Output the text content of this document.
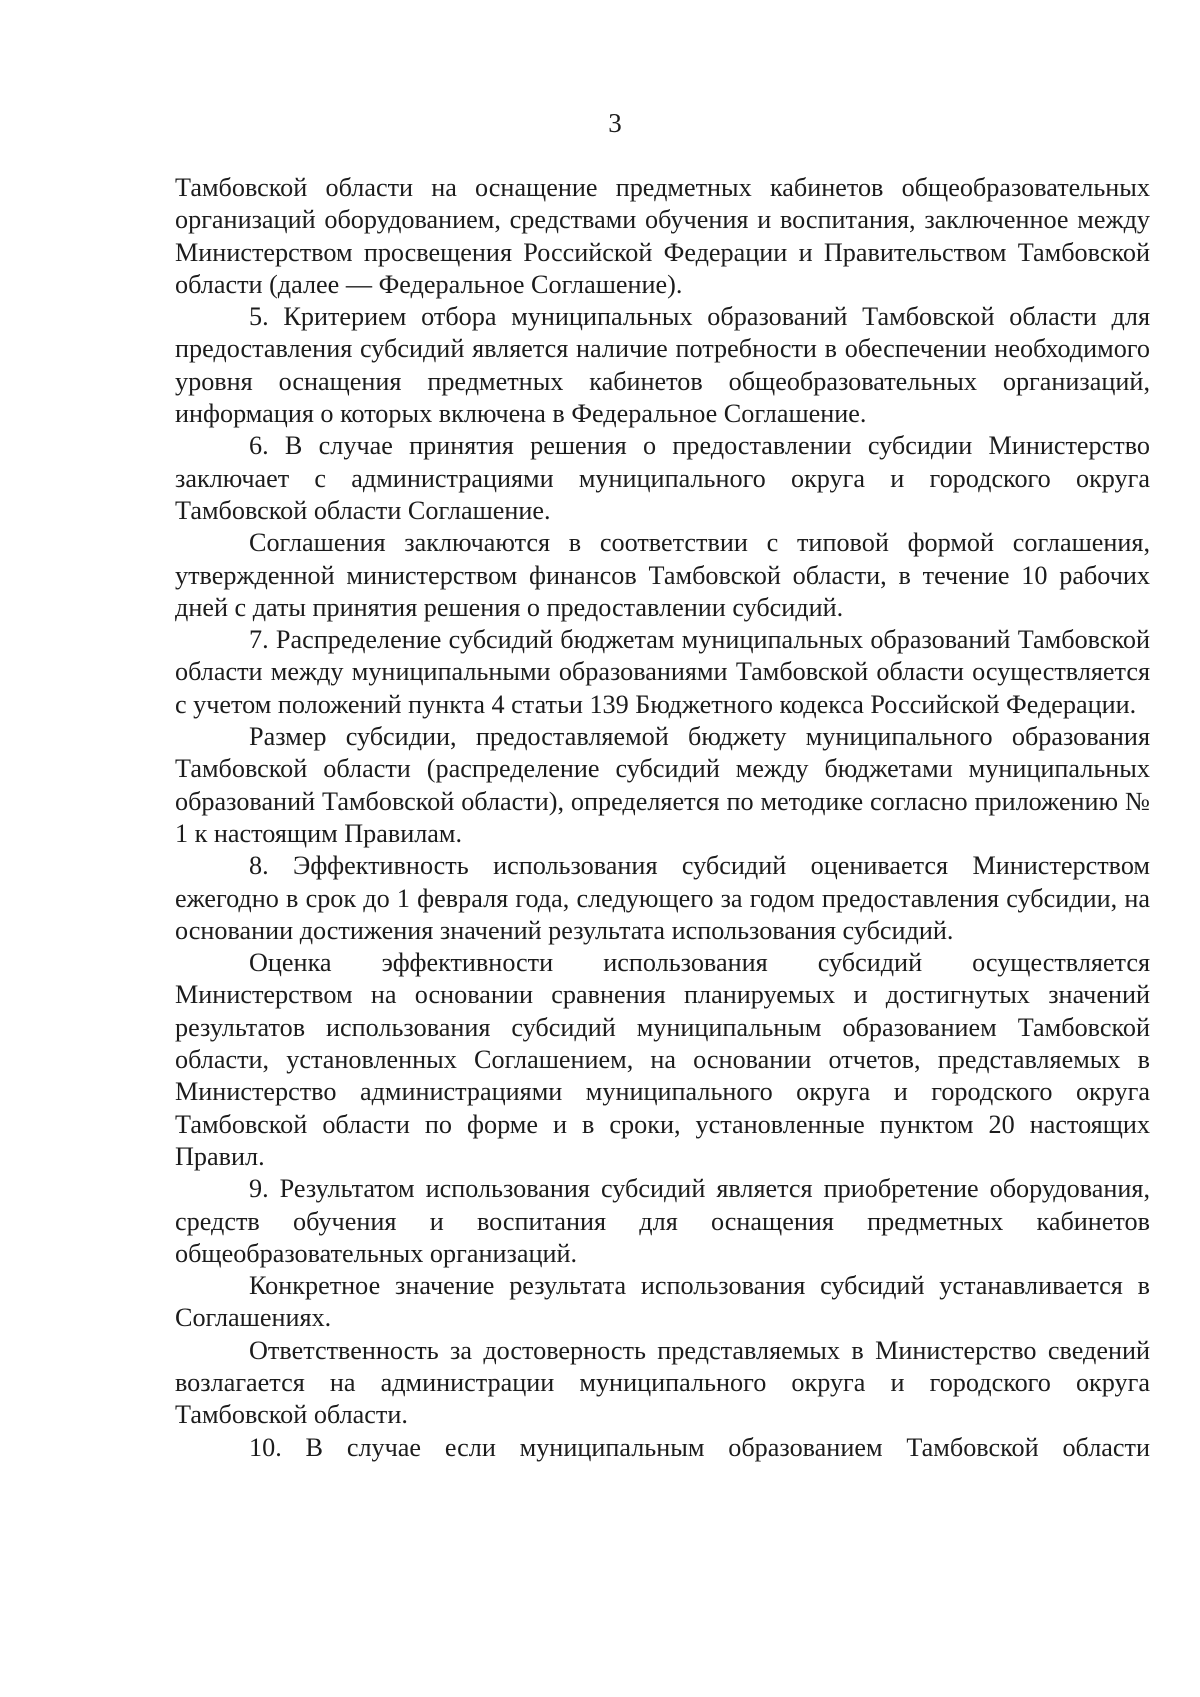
3

Тамбовской области на оснащение предметных кабинетов общеобразовательных организаций оборудованием, средствами обучения и воспитания, заключенное между Министерством просвещения Российской Федерации и Правительством Тамбовской области (далее — Федеральное Соглашение).

5. Критерием отбора муниципальных образований Тамбовской области для предоставления субсидий является наличие потребности в обеспечении необходимого уровня оснащения предметных кабинетов общеобразовательных организаций, информация о которых включена в Федеральное Соглашение.

6. В случае принятия решения о предоставлении субсидии Министерство заключает с администрациями муниципального округа и городского округа Тамбовской области Соглашение.

Соглашения заключаются в соответствии с типовой формой соглашения, утвержденной министерством финансов Тамбовской области, в течение 10 рабочих дней с даты принятия решения о предоставлении субсидий.

7. Распределение субсидий бюджетам муниципальных образований Тамбовской области между муниципальными образованиями Тамбовской области осуществляется с учетом положений пункта 4 статьи 139 Бюджетного кодекса Российской Федерации.

Размер субсидии, предоставляемой бюджету муниципального образования Тамбовской области (распределение субсидий между бюджетами муниципальных образований Тамбовской области), определяется по методике согласно приложению № 1 к настоящим Правилам.

8. Эффективность использования субсидий оценивается Министерством ежегодно в срок до 1 февраля года, следующего за годом предоставления субсидии, на основании достижения значений результата использования субсидий.

Оценка эффективности использования субсидий осуществляется Министерством на основании сравнения планируемых и достигнутых значений результатов использования субсидий муниципальным образованием Тамбовской области, установленных Соглашением, на основании отчетов, представляемых в Министерство администрациями муниципального округа и городского округа Тамбовской области по форме и в сроки, установленные пунктом 20 настоящих Правил.

9. Результатом использования субсидий является приобретение оборудования, средств обучения и воспитания для оснащения предметных кабинетов общеобразовательных организаций.

Конкретное значение результата использования субсидий устанавливается в Соглашениях.

Ответственность за достоверность представляемых в Министерство сведений возлагается на администрации муниципального округа и городского округа Тамбовской области.

10. В случае если муниципальным образованием Тамбовской области
